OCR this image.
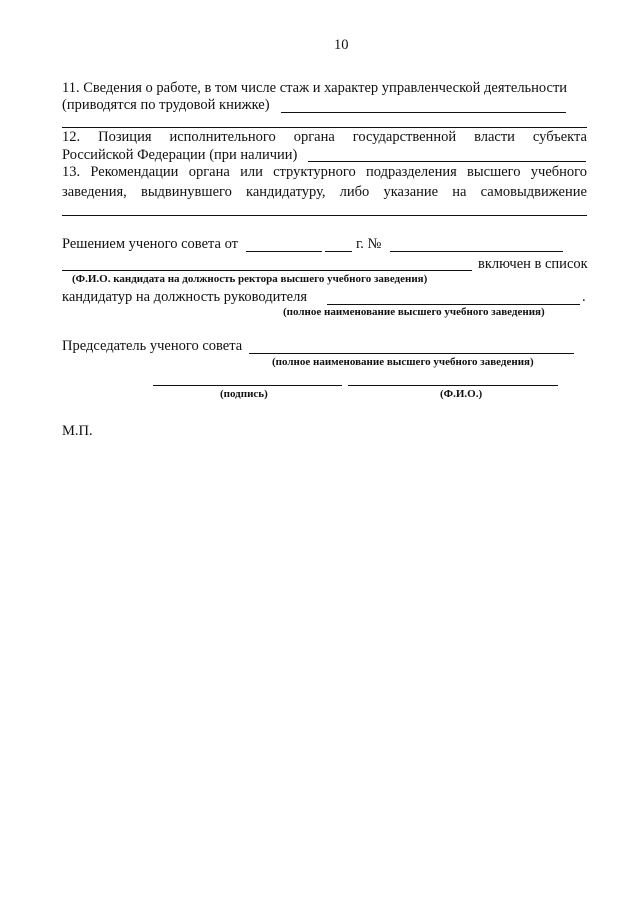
10
11. Сведения о работе, в том числе стаж и характер управленческой деятельности
(приводятся по трудовой книжке)
12. Позиция исполнительного органа государственной власти субъекта
Российской Федерации (при наличии)
13. Рекомендации органа или структурного подразделения высшего учебного
заведения, выдвинувшего кандидатуру, либо указание на самовыдвижение
Решением ученого совета от	г. №
включен в список
(Ф.И.О. кандидата на должность ректора высшего учебного заведения)
кандидатур на должность руководителя	.
(полное наименование высшего учебного заведения)
Председатель ученого совета
(полное наименование высшего учебного заведения)
(подпись)	(Ф.И.О.)
М.П.
